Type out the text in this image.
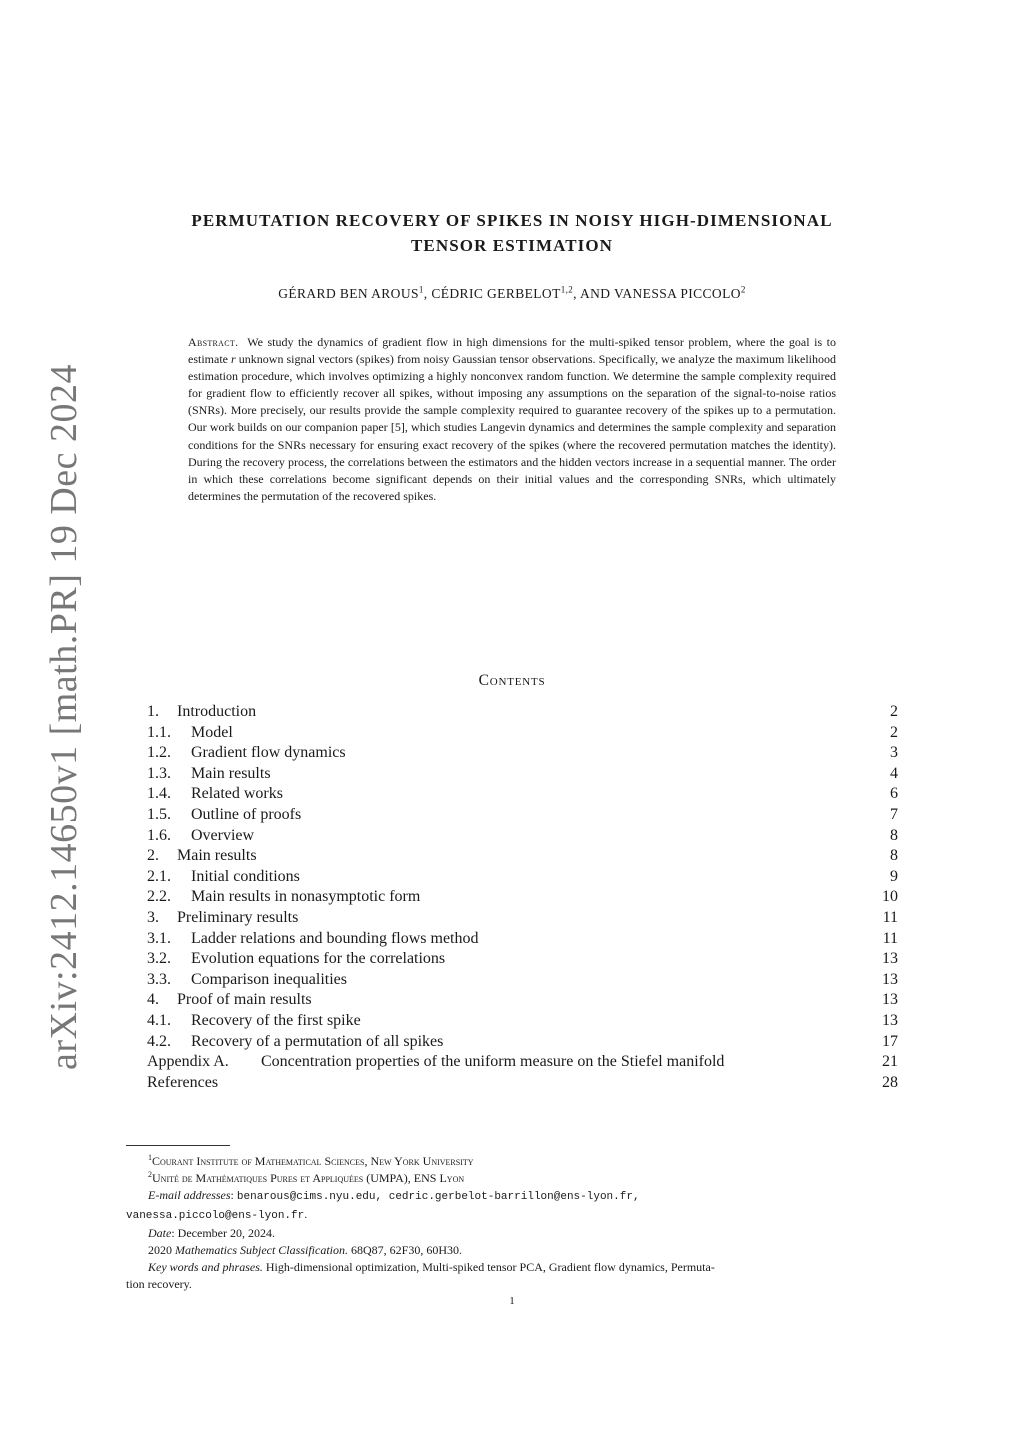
arXiv:2412.14650v1 [math.PR] 19 Dec 2024
PERMUTATION RECOVERY OF SPIKES IN NOISY HIGH-DIMENSIONAL
TENSOR ESTIMATION
GÉRARD BEN AROUS$^1$, CÉDRIC GERBELOT$^{1,2}$, AND VANESSA PICCOLO$^2$
Abstract. We study the dynamics of gradient flow in high dimensions for the multi-spiked tensor problem, where the goal is to estimate r unknown signal vectors (spikes) from noisy Gaussian tensor observations. Specifically, we analyze the maximum likelihood estimation procedure, which involves optimizing a highly nonconvex random function. We determine the sample complexity required for gradient flow to efficiently recover all spikes, without imposing any assumptions on the separation of the signal-to-noise ratios (SNRs). More precisely, our results provide the sample complexity required to guarantee recovery of the spikes up to a permutation. Our work builds on our companion paper [5], which studies Langevin dynamics and determines the sample complexity and separation conditions for the SNRs necessary for ensuring exact recovery of the spikes (where the recovered permutation matches the identity). During the recovery process, the correlations between the estimators and the hidden vectors increase in a sequential manner. The order in which these correlations become significant depends on their initial values and the corresponding SNRs, which ultimately determines the permutation of the recovered spikes.
Contents
1. Introduction	2
1.1. Model	2
1.2. Gradient flow dynamics	3
1.3. Main results	4
1.4. Related works	6
1.5. Outline of proofs	7
1.6. Overview	8
2. Main results	8
2.1. Initial conditions	9
2.2. Main results in nonasymptotic form	10
3. Preliminary results	11
3.1. Ladder relations and bounding flows method	11
3.2. Evolution equations for the correlations	13
3.3. Comparison inequalities	13
4. Proof of main results	13
4.1. Recovery of the first spike	13
4.2. Recovery of a permutation of all spikes	17
Appendix A. Concentration properties of the uniform measure on the Stiefel manifold	21
References	28
$^1$Courant Institute of Mathematical Sciences, New York University
$^2$Unité de Mathématiques Pures et Appliquées (UMPA), ENS Lyon
E-mail addresses: benarous@cims.nyu.edu, cedric.gerbelot-barrillon@ens-lyon.fr,
vanessa.piccolo@ens-lyon.fr.
Date: December 20, 2024.
2020 Mathematics Subject Classification. 68Q87, 62F30, 60H30.
Key words and phrases. High-dimensional optimization, Multi-spiked tensor PCA, Gradient flow dynamics, Permuta-
tion recovery.
1
